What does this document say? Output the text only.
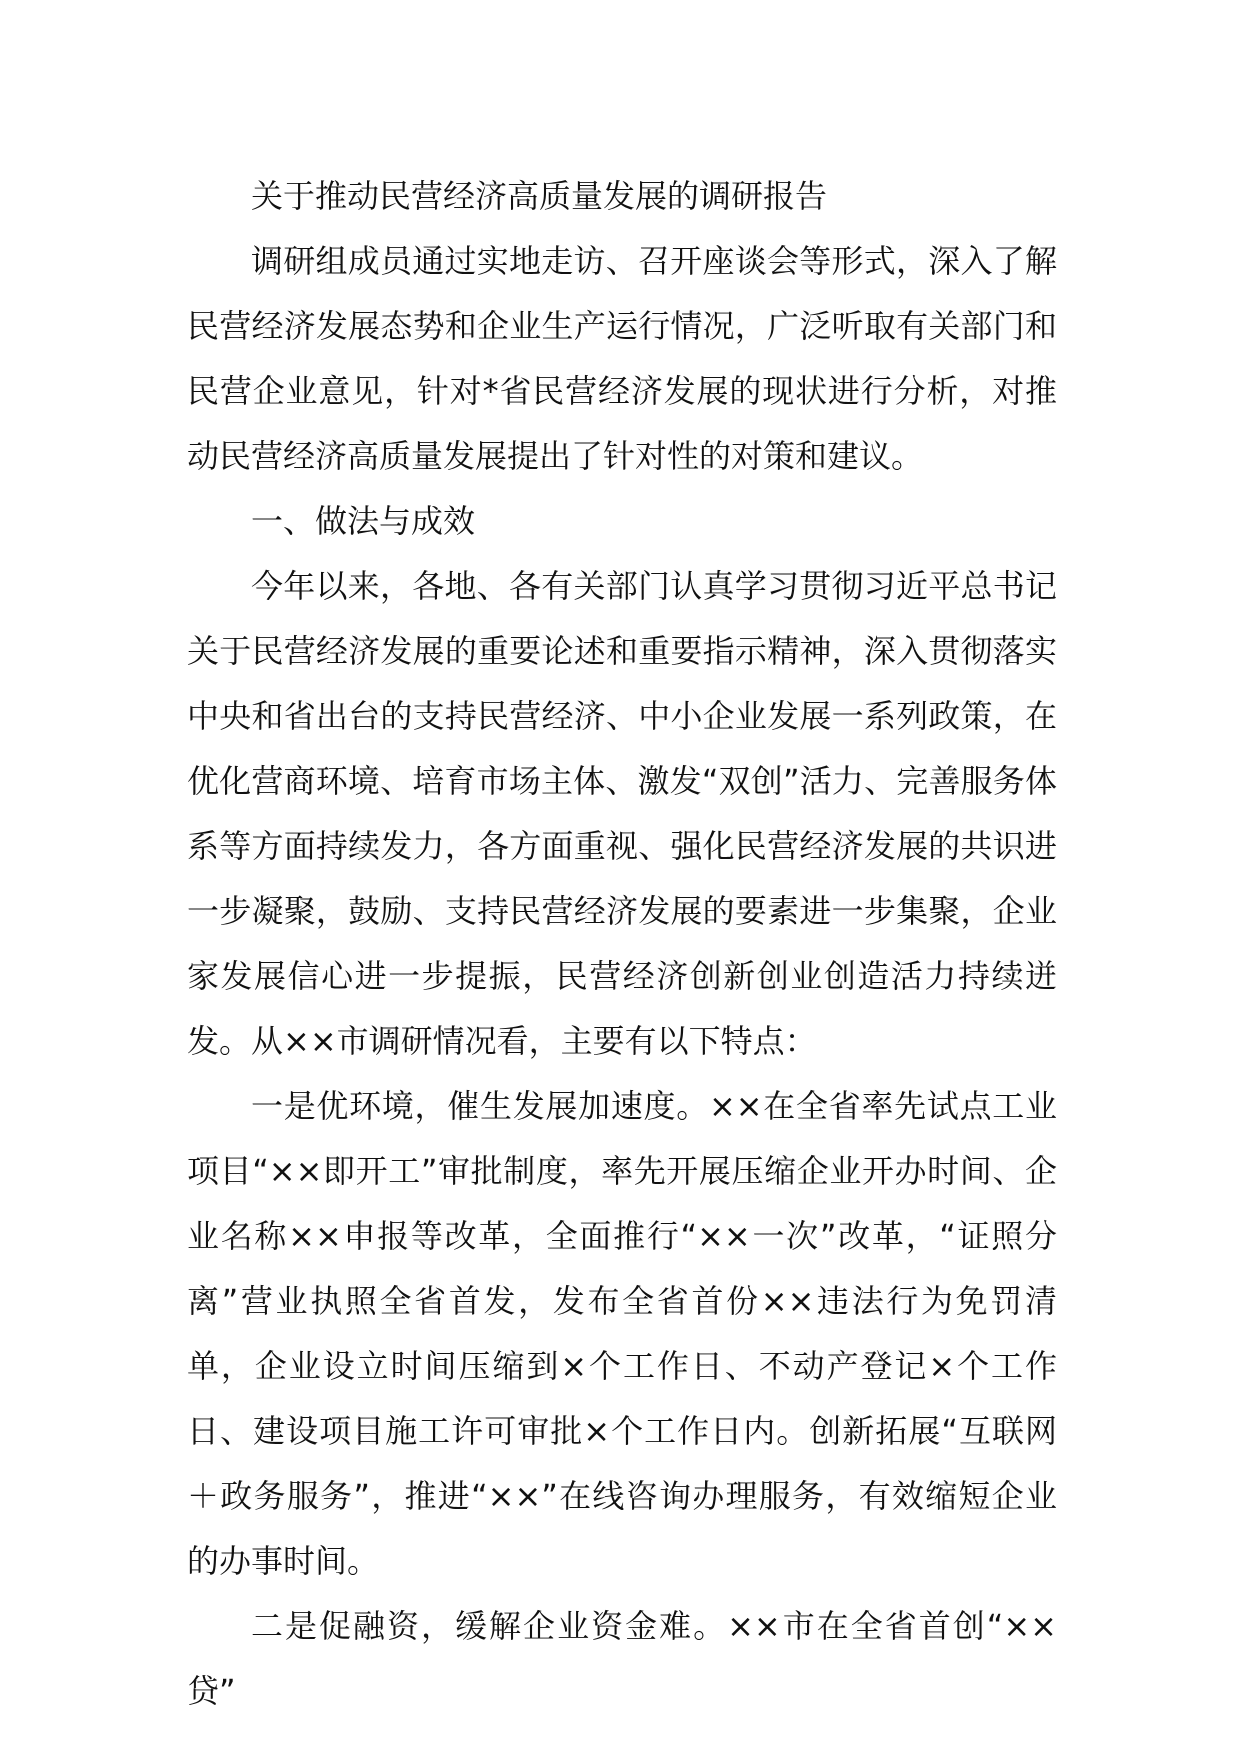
关于推动民营经济高质量发展的调研报告

调研组成员通过实地走访、召开座谈会等形式，深入了解民营经济发展态势和企业生产运行情况，广泛听取有关部门和民营企业意见，针对*省民营经济发展的现状进行分析，对推动民营经济高质量发展提出了针对性的对策和建议。

一、做法与成效

今年以来，各地、各有关部门认真学习贯彻习近平总书记关于民营经济发展的重要论述和重要指示精神，深入贯彻落实中央和省出台的支持民营经济、中小企业发展一系列政策，在优化营商环境、培育市场主体、激发“双创”活力、完善服务体系等方面持续发力，各方面重视、强化民营经济发展的共识进一步凝聚，鼓励、支持民营经济发展的要素进一步集聚，企业家发展信心进一步提振，民营经济创新创业创造活力持续迸发。从××市调研情况看，主要有以下特点：

一是优环境，催生发展加速度。××在全省率先试点工业项目“××即开工”审批制度，率先开展压缩企业开办时间、企业名称××申报等改革，全面推行“××一次”改革，“证照分离”营业执照全省首发，发布全省首份××违法行为免罚清单，企业设立时间压缩到×个工作日、不动产登记×个工作日、建设项目施工许可审批×个工作日内。创新拓展“互联网＋政务服务”，推进“××”在线咨询办理服务，有效缩短企业的办事时间。

二是促融资，缓解企业资金难。××市在全省首创“××贷”
